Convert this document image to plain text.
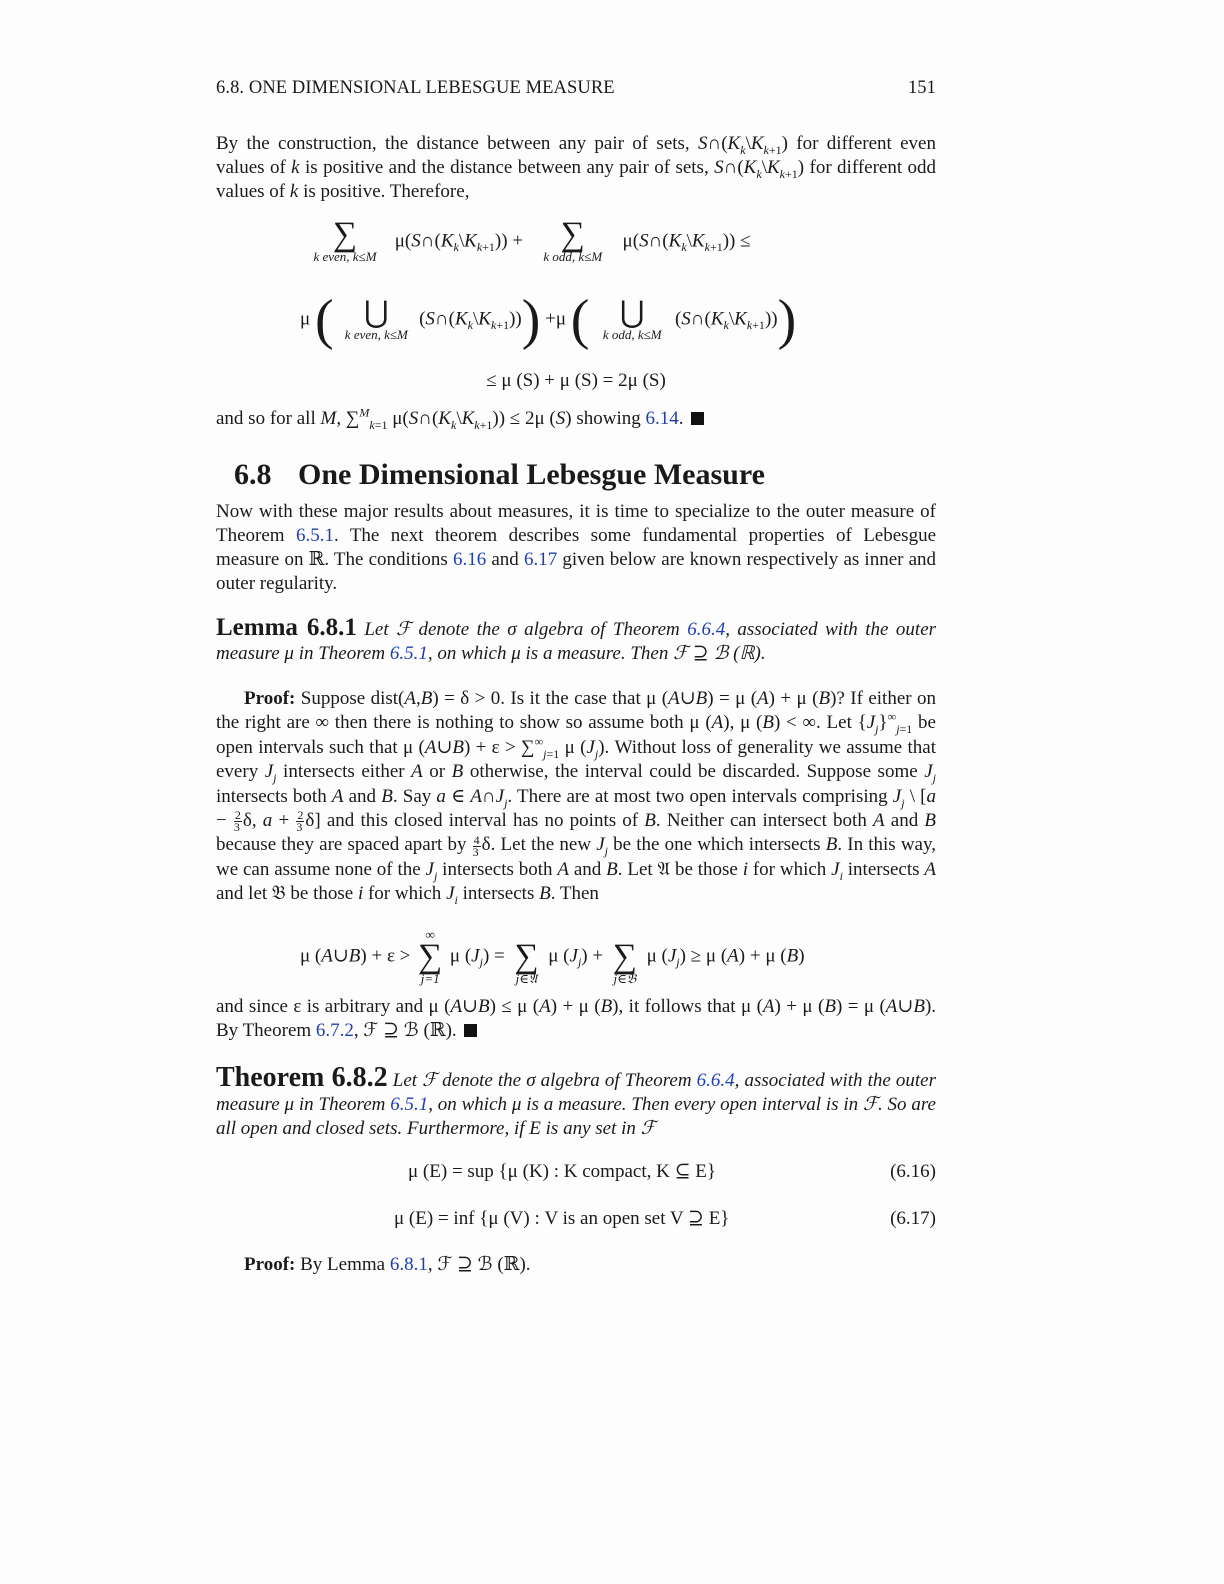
6.8. ONE DIMENSIONAL LEBESGUE MEASURE	151
By the construction, the distance between any pair of sets, $S\cap(K_k\backslash K_{k+1})$ for different even values of k is positive and the distance between any pair of sets, $S\cap(K_k\backslash K_{k+1})$ for different odd values of k is positive. Therefore,
∑
k even, k≤M
$\mu(S\cap(K_k\backslash K_{k+1}))$ + ∑
k odd, k≤M
$\mu(S\cap(K_k\backslash K_{k+1}))$ ≤
μ (	⋃
k even, k≤M
$(S\cap(K_k\backslash K_{k+1}))) +\mu$ (	⋃
k odd, k≤M
$(S\cap(K_k\backslash K_{k+1}))$)
≤ μ (S) + μ (S) = 2μ (S)
and so for all M, ∑$^M_{k=1}$ $\mu(S\cap(K_k\backslash K_{k+1})) \le 2\mu$ (S) showing 6.14.
6.8 One Dimensional Lebesgue Measure
Now with these major results about measures, it is time to specialize to the outer measure of Theorem 6.5.1. The next theorem describes some fundamental properties of Lebesgue measure on ℝ. The conditions 6.16 and 6.17 given below are known respectively as inner and outer regularity.
Lemma 6.8.1 Let ℱ denote the σ algebra of Theorem 6.6.4, associated with the outer measure μ in Theorem 6.5.1, on which μ is a measure. Then ℱ ⊇ ℬ (ℝ).
Proof: Suppose dist(A,B) = δ > 0. Is it the case that μ (A∪B) = μ (A) + μ (B)? If either on the right are ∞ then there is nothing to show so assume both μ (A), μ (B) < ∞. Let $\{J_j\}^\infty_{j=1}$ be open intervals such that μ (A∪B) + $\varepsilon > \sum^\infty_{j=1}$ μ $(J_j)$. Without loss of generality we assume that every $J_j$ intersects either A or B otherwise, the interval could be discarded. Suppose some $J_j$ intersects both A and B. Say a ∈ $A\cap J_j$. There are at most two open intervals comprising $J_j$ \ [$a - \frac{2}{3} \delta$, $a + \frac{2}{3} \delta$] and this closed interval has no points of B. Neither can intersect both A and B because they are spaced apart by $\frac{4}{3} \delta$. Let the new $J_j$ be the one which intersects B. In this way, we can assume none of the $J_j$ intersects both A and B. Let 𝔄 be those i for which $J_i$ intersects A and let 𝔅 be those i for which $J_i$ intersects B. Then
μ (A∪B) + ε >
∞
∑
j=1
μ $(J_j)$ =
∑
j∈𝔄
μ $(J_j)$ +
∑
j∈𝔅
μ $(J_j) \ge \mu$ (A) + μ (B)
and since ε is arbitrary and μ (A∪B) ≤ μ (A) + μ (B), it follows that μ (A) + μ (B) = μ (A∪B). By Theorem 6.7.2, ℱ ⊇ ℬ (ℝ).
Theorem 6.8.2 Let ℱ denote the σ algebra of Theorem 6.6.4, associated with the outer measure μ in Theorem 6.5.1, on which μ is a measure. Then every open interval is in ℱ. So are all open and closed sets. Furthermore, if E is any set in ℱ
μ (E) = sup {μ (K) : K compact, K ⊆ E}	(6.16)
μ (E) = inf {μ (V) : V is an open set V ⊇ E}	(6.17)
Proof: By Lemma 6.8.1, ℱ ⊇ ℬ (ℝ).
